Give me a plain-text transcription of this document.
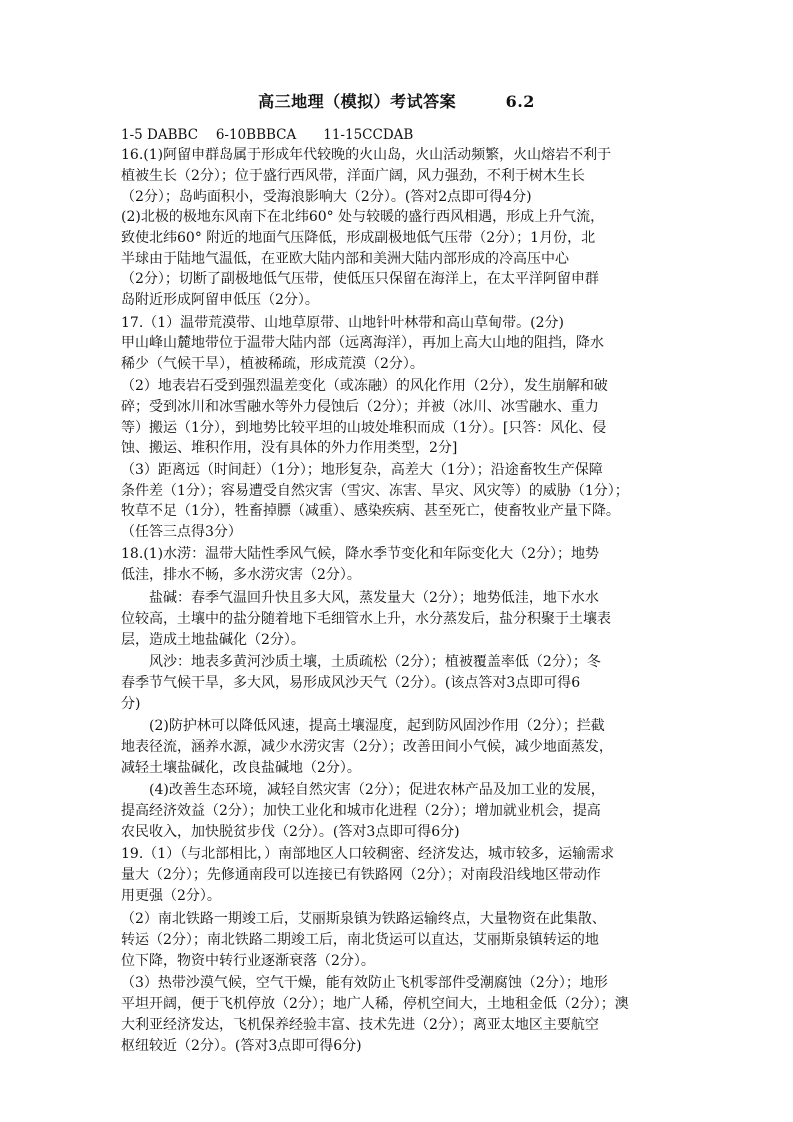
高三地理（模拟）考试答案　　　6.2
1-5 DABBC　 6-10BBBCA　　11-15CCDAB
16.(1)阿留申群岛属于形成年代较晚的火山岛，火山活动频繁，火山熔岩不利于
植被生长（2分）；位于盛行西风带，洋面广阔，风力强劲，不利于树木生长
（2分）；岛屿面积小，受海浪影响大（2分）。(答对2点即可得4分)
(2)北极的极地东风南下在北纬60° 处与较暖的盛行西风相遇，形成上升气流，
致使北纬60° 附近的地面气压降低，形成副极地低气压带（2分）；1月份，北
半球由于陆地气温低，在亚欧大陆内部和美洲大陆内部形成的冷高压中心
（2分）；切断了副极地低气压带，使低压只保留在海洋上，在太平洋阿留申群
岛附近形成阿留申低压（2分）。
17.（1）温带荒漠带、山地草原带、山地针叶林带和高山草甸带。(2分)
甲山峰山麓地带位于温带大陆内部（远离海洋），再加上高大山地的阻挡，降水
稀少（气候干旱），植被稀疏，形成荒漠（2分）。
（2）地表岩石受到强烈温差变化（或冻融）的风化作用（2分），发生崩解和破
碎；受到冰川和冰雪融水等外力侵蚀后（2分）；并被（冰川、冰雪融水、重力
等）搬运（1分），到地势比较平坦的山坡处堆积而成（1分）。[只答：风化、侵
蚀、搬运、堆积作用，没有具体的外力作用类型，2分]
（3）距离远（时间赶）（1分）；地形复杂，高差大（1分）；沿途畜牧生产保障
条件差（1分）；容易遭受自然灾害（雪灾、冻害、旱灾、风灾等）的威胁（1分）；
牧草不足（1分），牲畜掉膘（减重）、感染疾病、甚至死亡，使畜牧业产量下降。
（任答三点得3分）
18.(1)水涝：温带大陆性季风气候，降水季节变化和年际变化大（2分）；地势
低洼，排水不畅，多水涝灾害（2分）。
　　盐碱：春季气温回升快且多大风，蒸发量大（2分）；地势低洼，地下水水
位较高，土壤中的盐分随着地下毛细管水上升，水分蒸发后，盐分积聚于土壤表
层，造成土地盐碱化（2分）。
　　风沙：地表多黄河沙质土壤，土质疏松（2分）；植被覆盖率低（2分）；冬
春季节气候干旱，多大风，易形成风沙天气（2分）。(该点答对3点即可得6
分)
　　(2)防护林可以降低风速，提高土壤湿度，起到防风固沙作用（2分）；拦截
地表径流，涵养水源，减少水涝灾害（2分）；改善田间小气候，减少地面蒸发，
减轻土壤盐碱化，改良盐碱地（2分）。
　　(4)改善生态环境，减轻自然灾害（2分）；促进农林产品及加工业的发展，
提高经济效益（2分）；加快工业化和城市化进程（2分）；增加就业机会，提高
农民收入，加快脱贫步伐（2分）。(答对3点即可得6分)
19.（1）（与北部相比，）南部地区人口较稠密、经济发达，城市较多，运输需求
量大（2分）；先修通南段可以连接已有铁路网（2分）；对南段沿线地区带动作
用更强（2分）。
（2）南北铁路一期竣工后，艾丽斯泉镇为铁路运输终点，大量物资在此集散、
转运（2分）；南北铁路二期竣工后，南北货运可以直达，艾丽斯泉镇转运的地
位下降，物资中转行业逐渐衰落（2分）。
（3）热带沙漠气候，空气干燥，能有效防止飞机零部件受潮腐蚀（2分）；地形
平坦开阔，便于飞机停放（2分）；地广人稀，停机空间大，土地租金低（2分）；澳
大利亚经济发达，飞机保养经验丰富、技术先进（2分）；离亚太地区主要航空
枢纽较近（2分）。(答对3点即可得6分)
